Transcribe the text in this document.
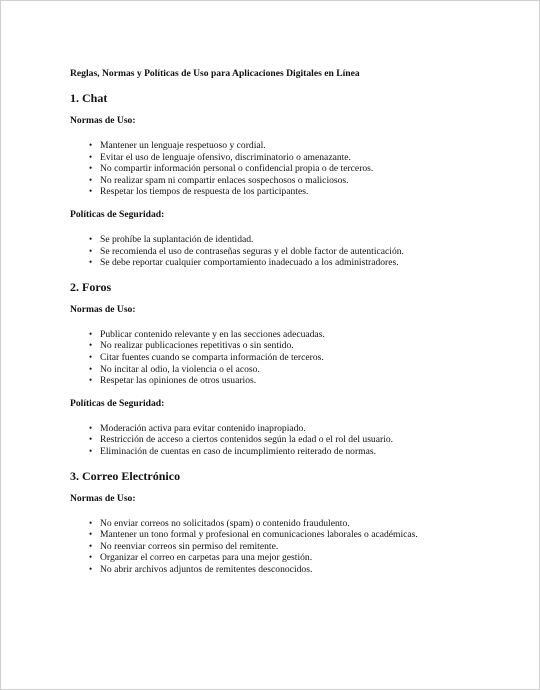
Reglas, Normas y Políticas de Uso para Aplicaciones Digitales en Línea
1. Chat
Normas de Uso:
• Mantener un lenguaje respetuoso y cordial.
• Evitar el uso de lenguaje ofensivo, discriminatorio o amenazante.
• No compartir información personal o confidencial propia o de terceros.
• No realizar spam ni compartir enlaces sospechosos o maliciosos.
• Respetar los tiempos de respuesta de los participantes.
Políticas de Seguridad:
• Se prohíbe la suplantación de identidad.
• Se recomienda el uso de contraseñas seguras y el doble factor de autenticación.
• Se debe reportar cualquier comportamiento inadecuado a los administradores.
2. Foros
Normas de Uso:
• Publicar contenido relevante y en las secciones adecuadas.
• No realizar publicaciones repetitivas o sin sentido.
• Citar fuentes cuando se comparta información de terceros.
• No incitar al odio, la violencia o el acoso.
• Respetar las opiniones de otros usuarios.
Políticas de Seguridad:
• Moderación activa para evitar contenido inapropiado.
• Restricción de acceso a ciertos contenidos según la edad o el rol del usuario.
• Eliminación de cuentas en caso de incumplimiento reiterado de normas.
3. Correo Electrónico
Normas de Uso:
• No enviar correos no solicitados (spam) o contenido fraudulento.
• Mantener un tono formal y profesional en comunicaciones laborales o académicas.
• No reenviar correos sin permiso del remitente.
• Organizar el correo en carpetas para una mejor gestión.
• No abrir archivos adjuntos de remitentes desconocidos.
